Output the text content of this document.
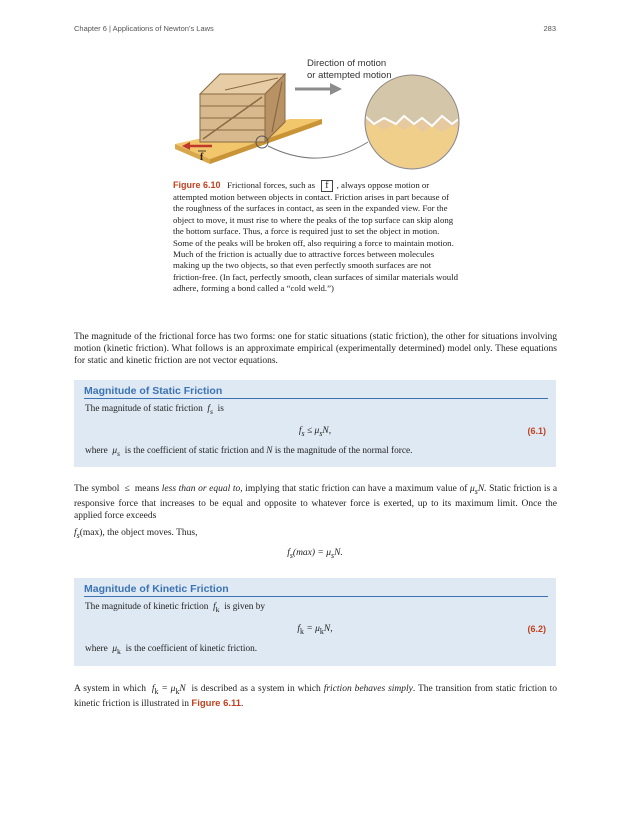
Chapter 6 | Applications of Newton’s Laws	283
f
Direction of motion
or attempted motion
Figure 6.10 Frictional forces, such as f , always oppose motion or attempted motion between objects in contact. Friction arises in part because of the roughness of the surfaces in contact, as seen in the expanded view. For the object to move, it must rise to where the peaks of the top surface can skip along the bottom surface. Thus, a force is required just to set the object in motion. Some of the peaks will be broken off, also requiring a force to maintain motion. Much of the friction is actually due to attractive forces between molecules making up the two objects, so that even perfectly smooth surfaces are not friction-free. (In fact, perfectly smooth, clean surfaces of similar materials would adhere, forming a bond called a “cold weld.”)
The magnitude of the frictional force has two forms: one for static situations (static friction), the other for situations involving motion (kinetic friction). What follows is an approximate empirical (experimentally determined) model only. These equations for static and kinetic friction are not vector equations.
Magnitude of Static Friction
The magnitude of static friction $f_s$ is
$f_s \le \mu_sN$,	(6.1)
where $\mu_s$ is the coefficient of static friction and N is the magnitude of the normal force.
The symbol ≤ means less than or equal to, implying that static friction can have a maximum value of $\mu_sN$. Static friction is a responsive force that increases to be equal and opposite to whatever force is exerted, up to its maximum limit. Once the applied force exceeds
$f_s(\max)$, the object moves. Thus,
$f_s(\max) = \mu_sN$.
Magnitude of Kinetic Friction
The magnitude of kinetic friction $f_k$ is given by
$f_k = \mu_kN$,	(6.2)
where $\mu_k$ is the coefficient of kinetic friction.
A system in which $f_k = \mu_kN$ is described as a system in which friction behaves simply. The transition from static friction to kinetic friction is illustrated in Figure 6.11.
